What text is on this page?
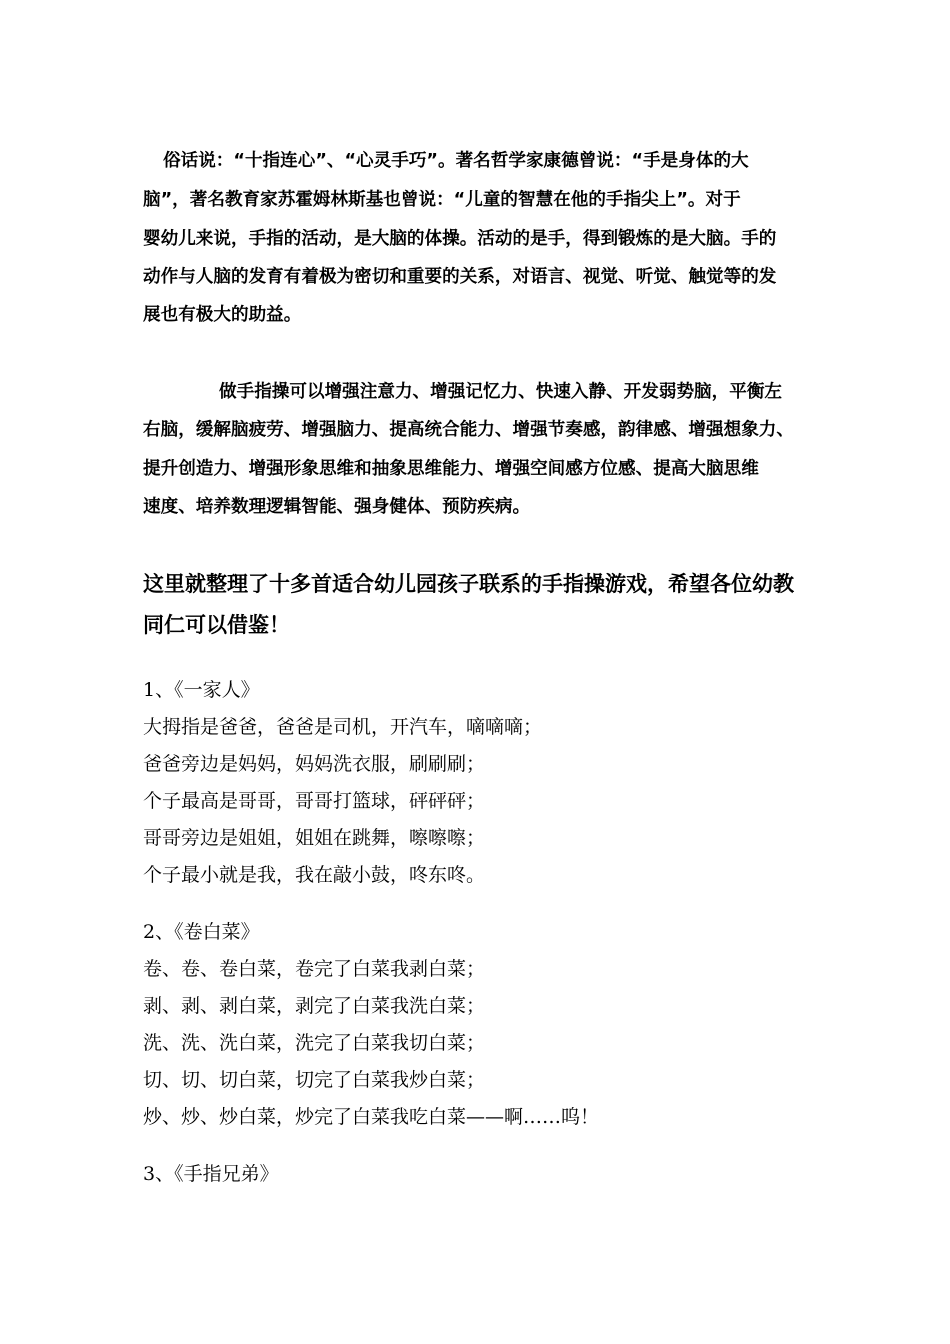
俗话说：“十指连心”、“心灵手巧”。著名哲学家康德曾说：“手是身体的大
脑”，著名教育家苏霍姆林斯基也曾说：“儿童的智慧在他的手指尖上”。对于
婴幼儿来说，手指的活动，是大脑的体操。活动的是手，得到锻炼的是大脑。手的
动作与人脑的发育有着极为密切和重要的关系，对语言、视觉、听觉、触觉等的发
展也有极大的助益。
做手指操可以增强注意力、增强记忆力、快速入静、开发弱势脑，平衡左
右脑，缓解脑疲劳、增强脑力、提高统合能力、增强节奏感，韵律感、增强想象力、
提升创造力、增强形象思维和抽象思维能力、增强空间感方位感、提高大脑思维
速度、培养数理逻辑智能、强身健体、预防疾病。
这里就整理了十多首适合幼儿园孩子联系的手指操游戏，希望各位幼教
同仁可以借鉴！
1、《一家人》
大拇指是爸爸，爸爸是司机，开汽车，嘀嘀嘀；
爸爸旁边是妈妈，妈妈洗衣服，刷刷刷；
个子最高是哥哥，哥哥打篮球，砰砰砰；
哥哥旁边是姐姐，姐姐在跳舞，嚓嚓嚓；
个子最小就是我，我在敲小鼓，咚东咚。
2、《卷白菜》
卷、卷、卷白菜，卷完了白菜我剥白菜；
剥、剥、剥白菜，剥完了白菜我洗白菜；
洗、洗、洗白菜，洗完了白菜我切白菜；
切、切、切白菜，切完了白菜我炒白菜；
炒、炒、炒白菜，炒完了白菜我吃白菜——啊……呜！
3、《手指兄弟》
